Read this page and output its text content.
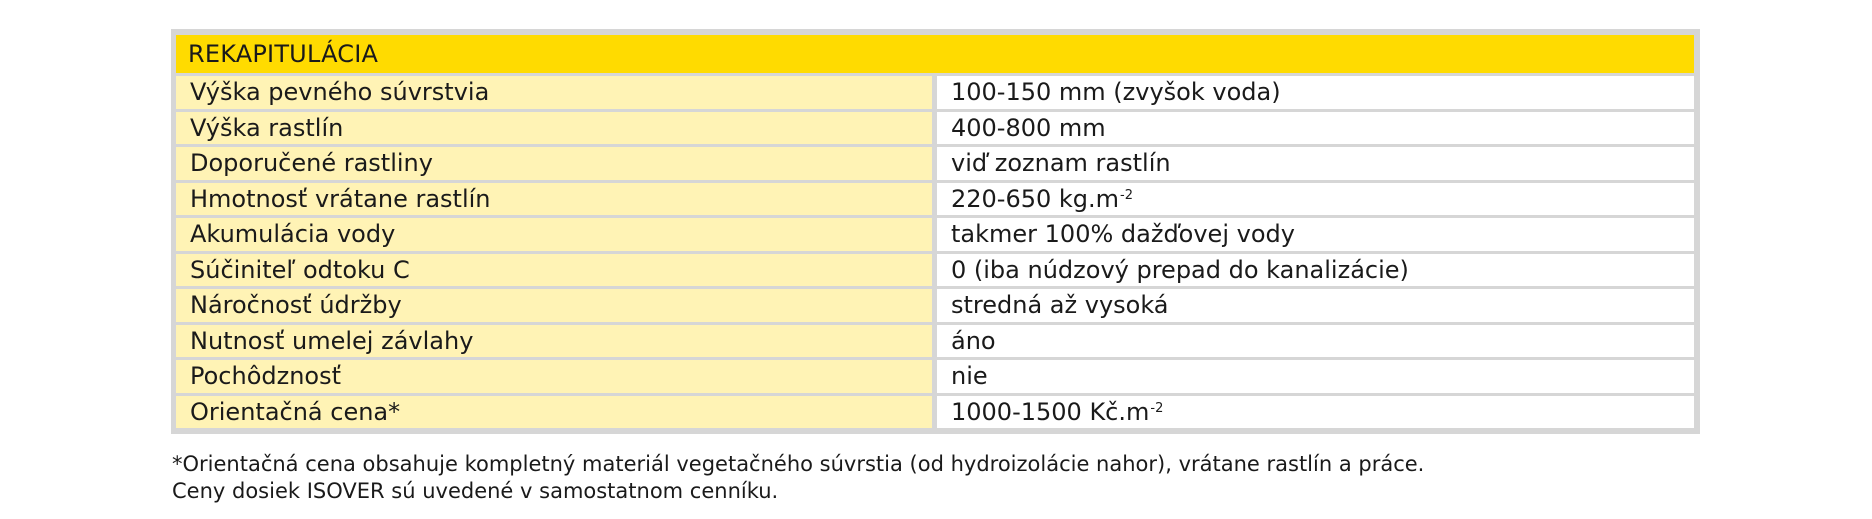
REKAPITULÁCIA
Výška pevného súvrstvia	100-150 mm (zvyšok voda)
Výška rastlín	400-800 mm
Doporučené rastliny	viď zoznam rastlín
Hmotnosť vrátane rastlín	220-650 $kg.m^{-2}$
Akumulácia vody	takmer 100% dažďovej vody
Súčiniteľ odtoku C	0 (iba núdzový prepad do kanalizácie)
Náročnosť údržby	stredná až vysoká
Nutnosť umelej závlahy	áno
Pochôdznosť	nie
Orientačná cena*	1000-1500 $Kč.m^{-2}$
*Orientačná cena obsahuje kompletný materiál vegetačného súvrstia (od hydroizolácie nahor), vrátane rastlín a práce.
Ceny dosiek ISOVER sú uvedené v samostatnom cenníku.
